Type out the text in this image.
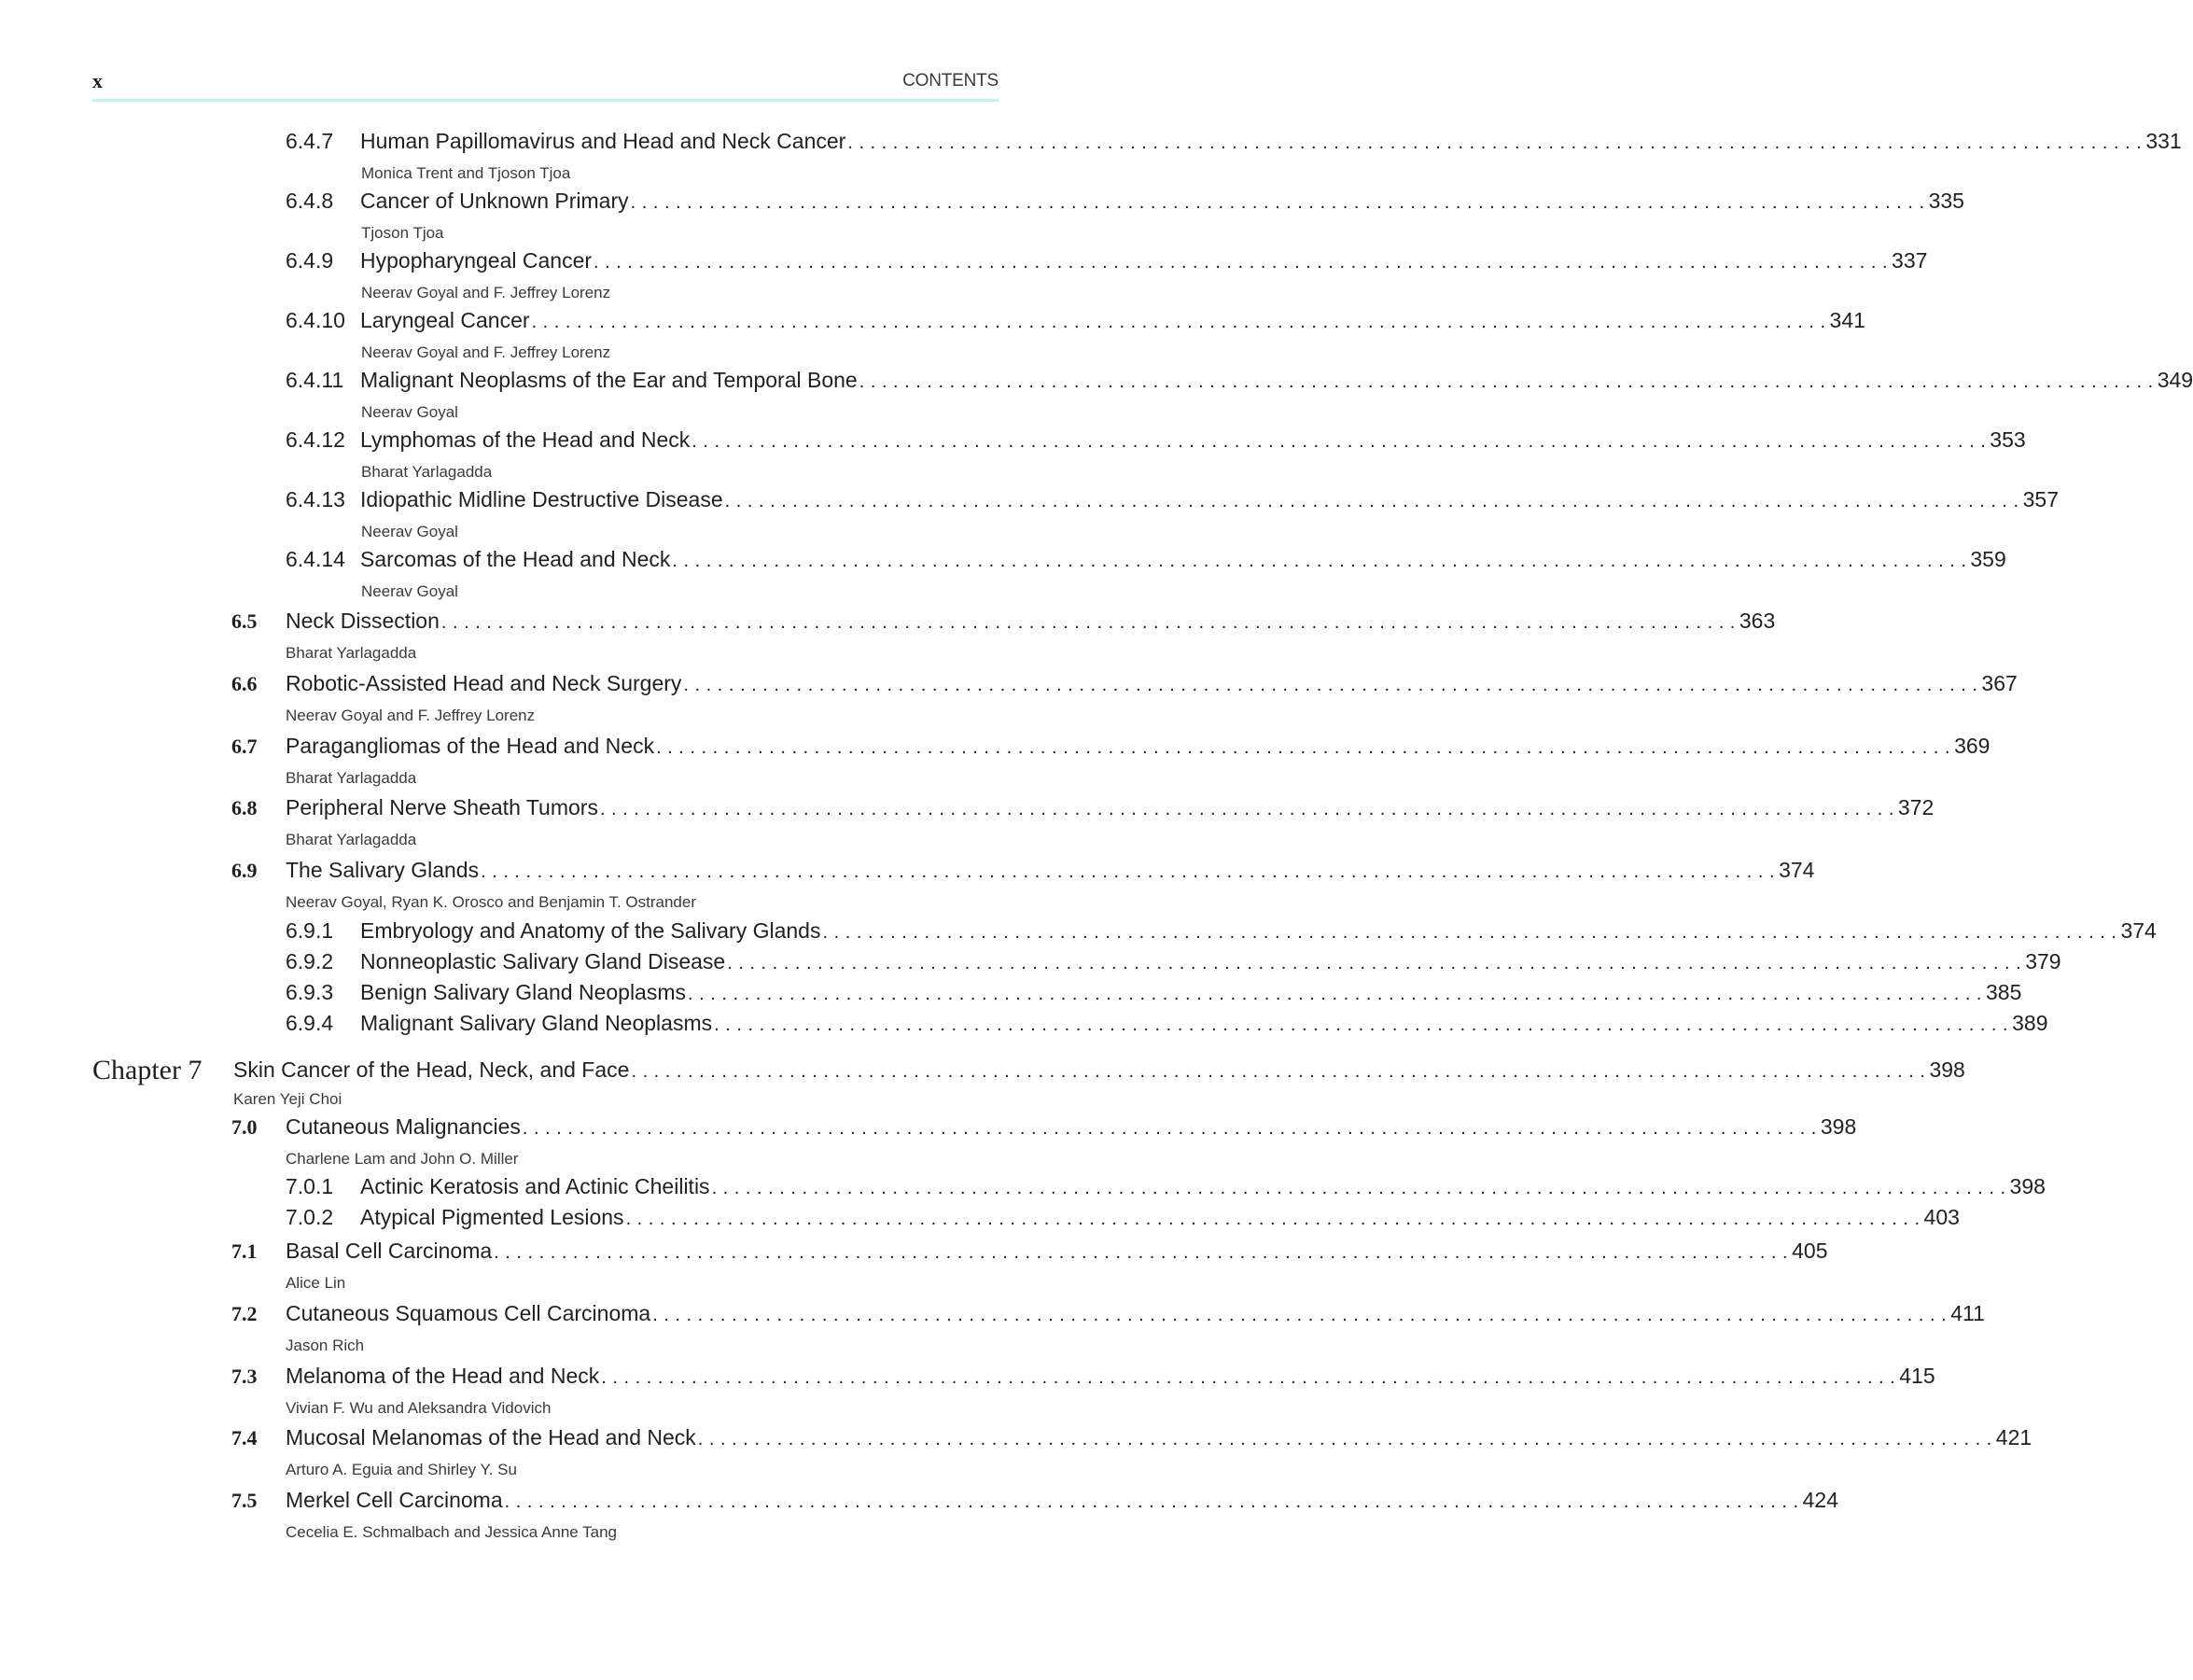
x	CONTENTS
6.4.7	Human Papillomavirus and Head and Neck Cancer . . . . . . . . . . . . . . . . . . . . . . . . . . . . . . . . . . . . . . . . . . . . . . . . . . . . . . . . . . . . . . . . . . . . . . . . . . . . . . . . . . . . . . . . . . . . . . . . . . . . . . . . . . . . . . . . . . . 331
Monica Trent and Tjoson Tjoa
6.4.8	Cancer of Unknown Primary . . . . . . . . . . . . . . . . . . . . . . . . . . . . . . . . . . . . . . . . . . . . . . . . . . . . . . . . . . . . . . . . . . . . . . . . . . . . . . . . . . . . . . . . . . . . . . . . . . . . . . . . . . . . . . . . . . . 335
Tjoson Tjoa
6.4.9	Hypopharyngeal Cancer . . . . . . . . . . . . . . . . . . . . . . . . . . . . . . . . . . . . . . . . . . . . . . . . . . . . . . . . . . . . . . . . . . . . . . . . . . . . . . . . . . . . . . . . . . . . . . . . . . . . . . . . . . . . . . . . . . . 337
Neerav Goyal and F. Jeffrey Lorenz
6.4.10 Laryngeal Cancer . . . . . . . . . . . . . . . . . . . . . . . . . . . . . . . . . . . . . . . . . . . . . . . . . . . . . . . . . . . . . . . . . . . . . . . . . . . . . . . . . . . . . . . . . . . . . . . . . . . . . . . . . . . . . . . . . . . 341
Neerav Goyal and F. Jeffrey Lorenz
6.4.11 Malignant Neoplasms of the Ear and Temporal Bone . . . . . . . . . . . . . . . . . . . . . . . . . . . . . . . . . . . . . . . . . . . . . . . . . . . . . . . . . . . . . . . . . . . . . . . . . . . . . . . . . . . . . . . . . . . . . . . . . . . . . . . . . . . . . . . . . . . 349
Neerav Goyal
6.4.12 Lymphomas of the Head and Neck . . . . . . . . . . . . . . . . . . . . . . . . . . . . . . . . . . . . . . . . . . . . . . . . . . . . . . . . . . . . . . . . . . . . . . . . . . . . . . . . . . . . . . . . . . . . . . . . . . . . . . . . . . . . . . . . . . . 353
Bharat Yarlagadda
6.4.13 Idiopathic Midline Destructive Disease . . . . . . . . . . . . . . . . . . . . . . . . . . . . . . . . . . . . . . . . . . . . . . . . . . . . . . . . . . . . . . . . . . . . . . . . . . . . . . . . . . . . . . . . . . . . . . . . . . . . . . . . . . . . . . . . . . . 357
Neerav Goyal
6.4.14 Sarcomas of the Head and Neck . . . . . . . . . . . . . . . . . . . . . . . . . . . . . . . . . . . . . . . . . . . . . . . . . . . . . . . . . . . . . . . . . . . . . . . . . . . . . . . . . . . . . . . . . . . . . . . . . . . . . . . . . . . . . . . . . . . 359
Neerav Goyal
6.5	Neck Dissection . . . . . . . . . . . . . . . . . . . . . . . . . . . . . . . . . . . . . . . . . . . . . . . . . . . . . . . . . . . . . . . . . . . . . . . . . . . . . . . . . . . . . . . . . . . . . . . . . . . . . . . . . . . . . . . . . . . 363
Bharat Yarlagadda
6.6	Robotic-Assisted Head and Neck Surgery . . . . . . . . . . . . . . . . . . . . . . . . . . . . . . . . . . . . . . . . . . . . . . . . . . . . . . . . . . . . . . . . . . . . . . . . . . . . . . . . . . . . . . . . . . . . . . . . . . . . . . . . . . . . . . . . . . . 367
Neerav Goyal and F. Jeffrey Lorenz
6.7	Paragangliomas of the Head and Neck . . . . . . . . . . . . . . . . . . . . . . . . . . . . . . . . . . . . . . . . . . . . . . . . . . . . . . . . . . . . . . . . . . . . . . . . . . . . . . . . . . . . . . . . . . . . . . . . . . . . . . . . . . . . . . . . . . . 369
Bharat Yarlagadda
6.8	Peripheral Nerve Sheath Tumors . . . . . . . . . . . . . . . . . . . . . . . . . . . . . . . . . . . . . . . . . . . . . . . . . . . . . . . . . . . . . . . . . . . . . . . . . . . . . . . . . . . . . . . . . . . . . . . . . . . . . . . . . . . . . . . . . . . 372
Bharat Yarlagadda
6.9	The Salivary Glands . . . . . . . . . . . . . . . . . . . . . . . . . . . . . . . . . . . . . . . . . . . . . . . . . . . . . . . . . . . . . . . . . . . . . . . . . . . . . . . . . . . . . . . . . . . . . . . . . . . . . . . . . . . . . . . . . . . 374
Neerav Goyal, Ryan K. Orosco and Benjamin T. Ostrander
6.9.1	Embryology and Anatomy of the Salivary Glands . . . . . . . . . . . . . . . . . . . . . . . . . . . . . . . . . . . . . . . . . . . . . . . . . . . . . . . . . . . . . . . . . . . . . . . . . . . . . . . . . . . . . . . . . . . . . . . . . . . . . . . . . . . . . . . . . . . 374
6.9.2	Nonneoplastic Salivary Gland Disease . . . . . . . . . . . . . . . . . . . . . . . . . . . . . . . . . . . . . . . . . . . . . . . . . . . . . . . . . . . . . . . . . . . . . . . . . . . . . . . . . . . . . . . . . . . . . . . . . . . . . . . . . . . . . . . . . . . 379
6.9.3	Benign Salivary Gland Neoplasms . . . . . . . . . . . . . . . . . . . . . . . . . . . . . . . . . . . . . . . . . . . . . . . . . . . . . . . . . . . . . . . . . . . . . . . . . . . . . . . . . . . . . . . . . . . . . . . . . . . . . . . . . . . . . . . . . . . 385
6.9.4	Malignant Salivary Gland Neoplasms . . . . . . . . . . . . . . . . . . . . . . . . . . . . . . . . . . . . . . . . . . . . . . . . . . . . . . . . . . . . . . . . . . . . . . . . . . . . . . . . . . . . . . . . . . . . . . . . . . . . . . . . . . . . . . . . . . . 389
Chapter 7 Skin Cancer of the Head, Neck, and Face . . . . . . . . . . . . . . . . . . . . . . . . . . . . . . . . . . . . . . . . . . . . . . . . . . . . . . . . . . . . . . . . . . . . . . . . . . . . . . . . . . . . . . . . . . . . . . . . . . . . . . . . . . . . . . . . . . . 398
Karen Yeji Choi
7.0	Cutaneous Malignancies . . . . . . . . . . . . . . . . . . . . . . . . . . . . . . . . . . . . . . . . . . . . . . . . . . . . . . . . . . . . . . . . . . . . . . . . . . . . . . . . . . . . . . . . . . . . . . . . . . . . . . . . . . . . . . . . . . . 398
Charlene Lam and John O. Miller
7.0.1	Actinic Keratosis and Actinic Cheilitis . . . . . . . . . . . . . . . . . . . . . . . . . . . . . . . . . . . . . . . . . . . . . . . . . . . . . . . . . . . . . . . . . . . . . . . . . . . . . . . . . . . . . . . . . . . . . . . . . . . . . . . . . . . . . . . . . . . 398
7.0.2	Atypical Pigmented Lesions . . . . . . . . . . . . . . . . . . . . . . . . . . . . . . . . . . . . . . . . . . . . . . . . . . . . . . . . . . . . . . . . . . . . . . . . . . . . . . . . . . . . . . . . . . . . . . . . . . . . . . . . . . . . . . . . . . . 403
7.1	Basal Cell Carcinoma . . . . . . . . . . . . . . . . . . . . . . . . . . . . . . . . . . . . . . . . . . . . . . . . . . . . . . . . . . . . . . . . . . . . . . . . . . . . . . . . . . . . . . . . . . . . . . . . . . . . . . . . . . . . . . . . . . . 405
Alice Lin
7.2	Cutaneous Squamous Cell Carcinoma . . . . . . . . . . . . . . . . . . . . . . . . . . . . . . . . . . . . . . . . . . . . . . . . . . . . . . . . . . . . . . . . . . . . . . . . . . . . . . . . . . . . . . . . . . . . . . . . . . . . . . . . . . . . . . . . . . . 411
Jason Rich
7.3	Melanoma of the Head and Neck . . . . . . . . . . . . . . . . . . . . . . . . . . . . . . . . . . . . . . . . . . . . . . . . . . . . . . . . . . . . . . . . . . . . . . . . . . . . . . . . . . . . . . . . . . . . . . . . . . . . . . . . . . . . . . . . . . . 415
Vivian F. Wu and Aleksandra Vidovich
7.4	Mucosal Melanomas of the Head and Neck . . . . . . . . . . . . . . . . . . . . . . . . . . . . . . . . . . . . . . . . . . . . . . . . . . . . . . . . . . . . . . . . . . . . . . . . . . . . . . . . . . . . . . . . . . . . . . . . . . . . . . . . . . . . . . . . . . . 421
Arturo A. Eguia and Shirley Y. Su
7.5	Merkel Cell Carcinoma . . . . . . . . . . . . . . . . . . . . . . . . . . . . . . . . . . . . . . . . . . . . . . . . . . . . . . . . . . . . . . . . . . . . . . . . . . . . . . . . . . . . . . . . . . . . . . . . . . . . . . . . . . . . . . . . . . . 424
Cecelia E. Schmalbach and Jessica Anne Tang
